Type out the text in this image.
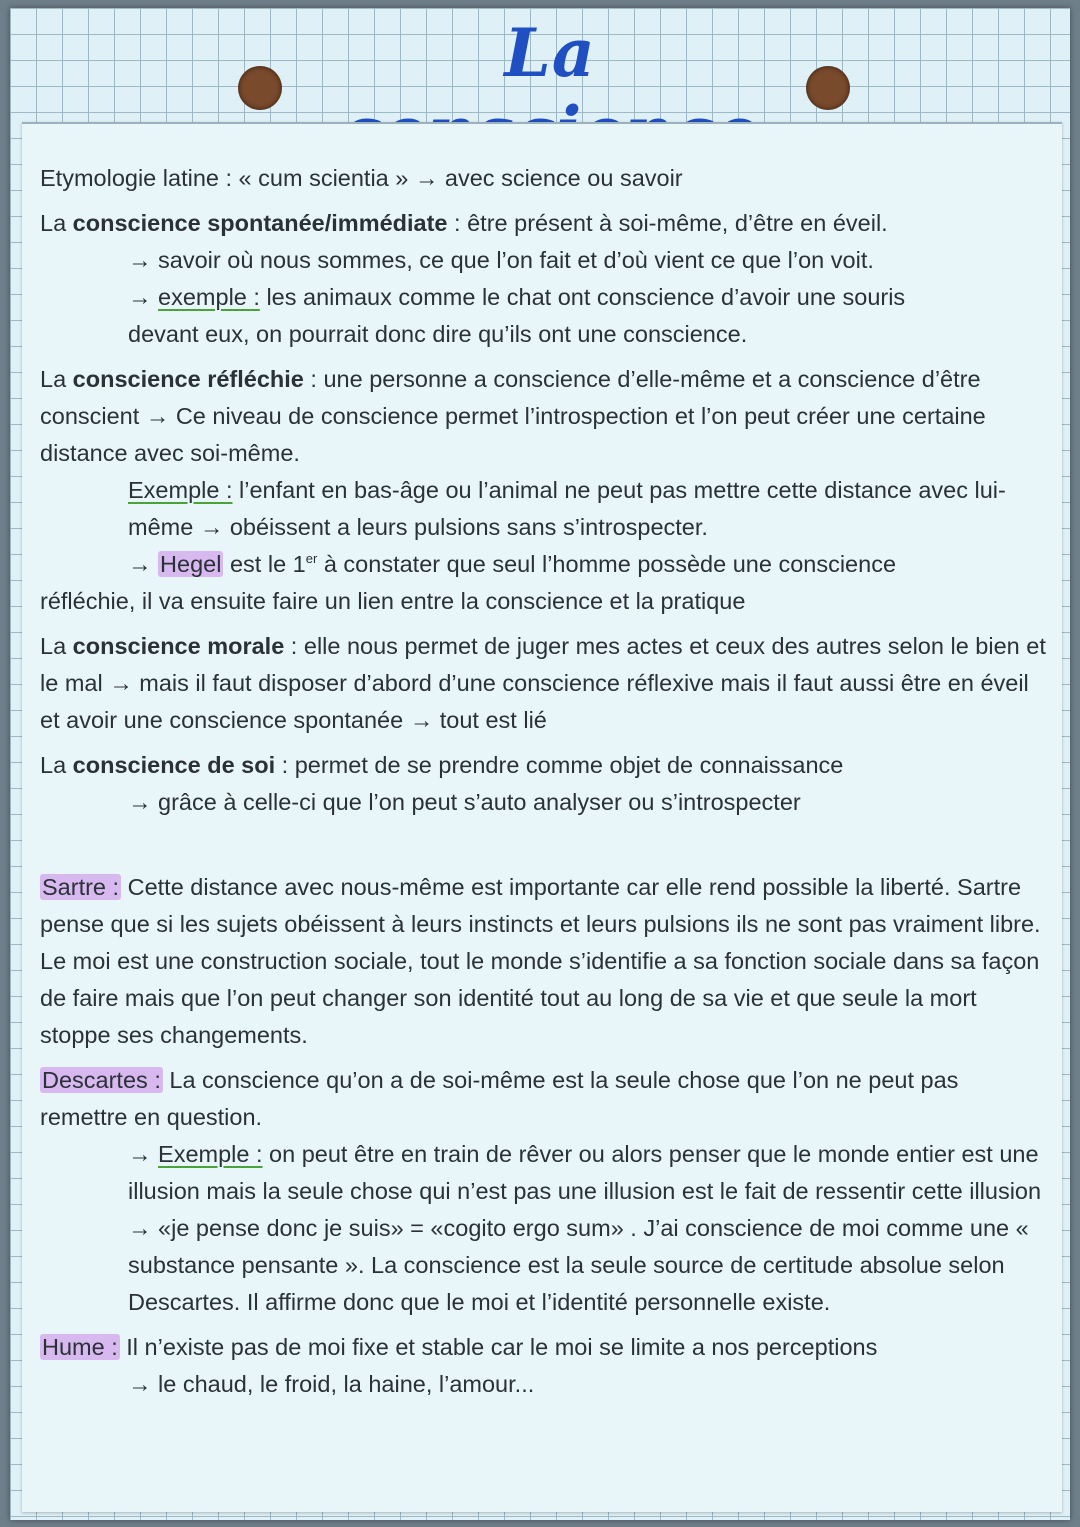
La

Etymologie latine : « cum scientia » → avec science ou savoir

La conscience spontanée/immédiate : être présent à soi-même, d’être en éveil.

→ savoir où nous sommes, ce que l’on fait et d’où vient ce que l’on voit.

→ exemple : les animaux comme le chat ont conscience d’avoir une souris

devant eux, on pourrait donc dire qu’ils ont une conscience.

La conscience réfléchie : une personne a conscience d’elle-même et a conscience d’être conscient → Ce niveau de conscience permet l’introspection et l’on peut créer une certaine distance avec soi-même.

Exemple : l’enfant en bas-âge ou l’animal ne peut pas mettre cette distance avec lui-même → obéissent a leurs pulsions sans s’introspecter.

→ Hegel est le 1er à constater que seul l’homme possède une conscience

réfléchie, il va ensuite faire un lien entre la conscience et la pratique

La conscience morale : elle nous permet de juger mes actes et ceux des autres selon le bien et le mal → mais il faut disposer d’abord d’une conscience réflexive mais il faut aussi être en éveil et avoir une conscience spontanée → tout est lié

La conscience de soi : permet de se prendre comme objet de connaissance

→ grâce à celle-ci que l’on peut s’auto analyser ou s’introspecter

Sartre : Cette distance avec nous-même est importante car elle rend possible la liberté. Sartre pense que si les sujets obéissent à leurs instincts et leurs pulsions ils ne sont pas vraiment libre. Le moi est une construction sociale, tout le monde s’identifie a sa fonction sociale dans sa façon de faire mais que l’on peut changer son identité tout au long de sa vie et que seule la mort stoppe ses changements.

Descartes : La conscience qu’on a de soi-même est la seule chose que l’on ne peut pas remettre en question.

→ Exemple : on peut être en train de rêver ou alors penser que le monde entier est une illusion mais la seule chose qui n’est pas une illusion est le fait de ressentir cette illusion → «je pense donc je suis» = «cogito ergo sum» . J’ai conscience de moi comme une « substance pensante ». La conscience est la seule source de certitude absolue selon Descartes. Il affirme donc que le moi et l’identité personnelle existe.

Hume : Il n’existe pas de moi fixe et stable car le moi se limite a nos perceptions

→ le chaud, le froid, la haine, l’amour...
